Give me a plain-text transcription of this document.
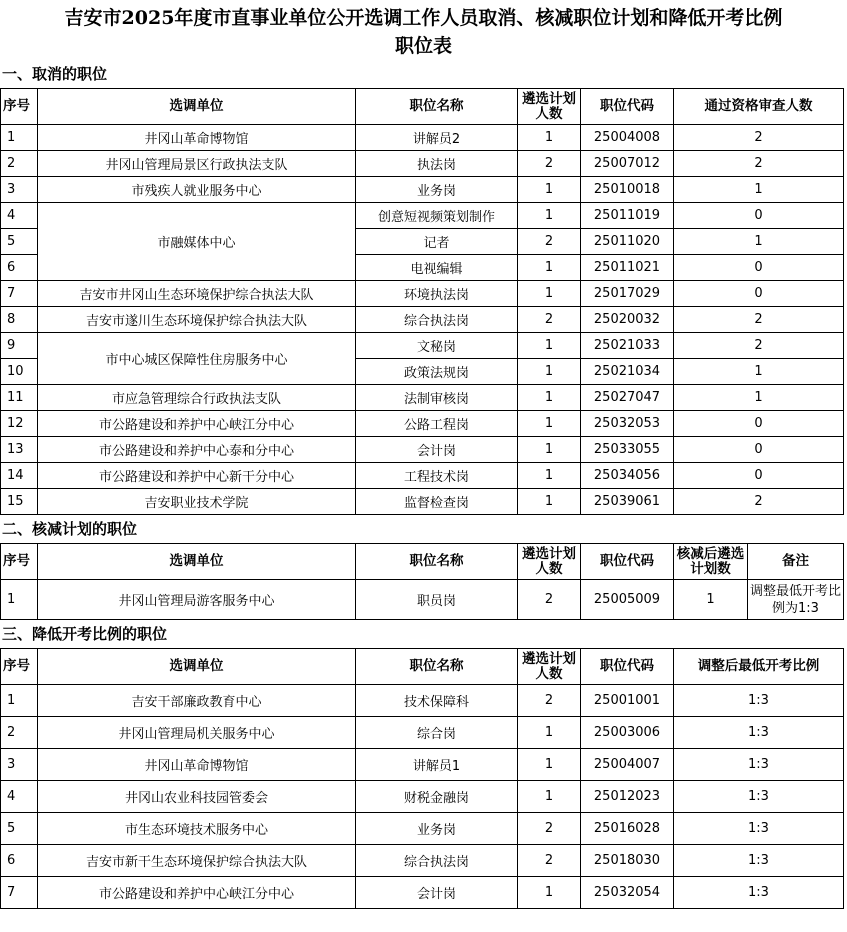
吉安市2025年度市直事业单位公开选调工作人员取消、核减职位计划和降低开考比例
职位表
一、取消的职位
序号	选调单位	职位名称	遴选计划人数	职位代码	通过资格审查人数
1	井冈山革命博物馆	讲解员2	1	25004008	2
2	井冈山管理局景区行政执法支队	执法岗	2	25007012	2
3	市残疾人就业服务中心	业务岗	1	25010018	1
4	市融媒体中心	创意短视频策划制作	1	25011019	0
5		记者	2	25011020	1
6		电视编辑	1	25011021	0
7	吉安市井冈山生态环境保护综合执法大队	环境执法岗	1	25017029	0
8	吉安市遂川生态环境保护综合执法大队	综合执法岗	2	25020032	2
9	市中心城区保障性住房服务中心	文秘岗	1	25021033	2
10		政策法规岗	1	25021034	1
11	市应急管理综合行政执法支队	法制审核岗	1	25027047	1
12	市公路建设和养护中心峡江分中心	公路工程岗	1	25032053	0
13	市公路建设和养护中心泰和分中心	会计岗	1	25033055	0
14	市公路建设和养护中心新干分中心	工程技术岗	1	25034056	0
15	吉安职业技术学院	监督检查岗	1	25039061	2
二、核减计划的职位
序号	选调单位	职位名称	遴选计划人数	职位代码	核减后遴选计划数	备注
1	井冈山管理局游客服务中心	职员岗	2	25005009	1	调整最低开考比例为1:3
三、降低开考比例的职位
序号	选调单位	职位名称	遴选计划人数	职位代码	调整后最低开考比例
1	吉安干部廉政教育中心	技术保障科	2	25001001	1:3
2	井冈山管理局机关服务中心	综合岗	1	25003006	1:3
3	井冈山革命博物馆	讲解员1	1	25004007	1:3
4	井冈山农业科技园管委会	财税金融岗	1	25012023	1:3
5	市生态环境技术服务中心	业务岗	2	25016028	1:3
6	吉安市新干生态环境保护综合执法大队	综合执法岗	2	25018030	1:3
7	市公路建设和养护中心峡江分中心	会计岗	1	25032054	1:3
